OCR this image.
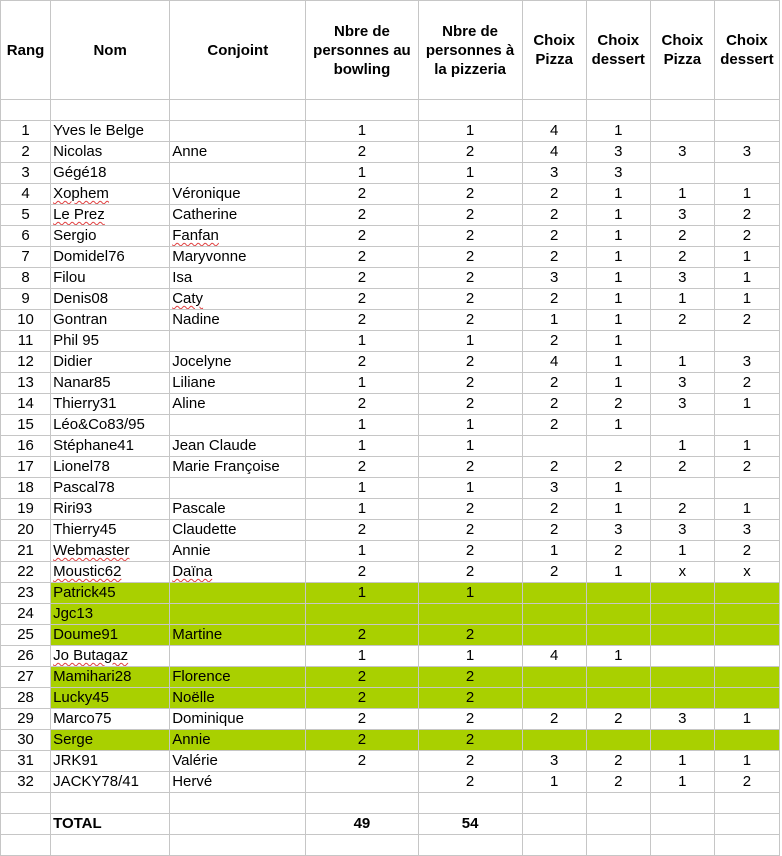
Rang	Nom	Conjoint	Nbre de personnes au bowling	Nbre de personnes à la pizzeria	Choix Pizza	Choix dessert	Choix Pizza	Choix dessert

1	Yves le Belge		1	1	4	1		
2	Nicolas	Anne	2	2	4	3	3	3
3	Gégé18		1	1	3	3		
4	Xophem	Véronique	2	2	2	1	1	1
5	Le Prez	Catherine	2	2	2	1	3	2
6	Sergio	Fanfan	2	2	2	1	2	2
7	Domidel76	Maryvonne	2	2	2	1	2	1
8	Filou	Isa	2	2	3	1	3	1
9	Denis08	Caty	2	2	2	1	1	1
10	Gontran	Nadine	2	2	1	1	2	2
11	Phil 95		1	1	2	1		
12	Didier	Jocelyne	2	2	4	1	1	3
13	Nanar85	Liliane	1	2	2	1	3	2
14	Thierry31	Aline	2	2	2	2	3	1
15	Léo&Co83/95		1	1	2	1		
16	Stéphane41	Jean Claude	1	1			1	1
17	Lionel78	Marie Françoise	2	2	2	2	2	2
18	Pascal78		1	1	3	1		
19	Riri93	Pascale	1	2	2	1	2	1
20	Thierry45	Claudette	2	2	2	3	3	3
21	Webmaster	Annie	1	2	1	2	1	2
22	Moustic62	Daïna	2	2	2	1	x	x
23	Patrick45		1	1				
24	Jgc13							
25	Doume91	Martine	2	2				
26	Jo Butagaz		1	1	4	1		
27	Mamihari28	Florence	2	2				
28	Lucky45	Noëlle	2	2				
29	Marco75	Dominique	2	2	2	2	3	1
30	Serge	Annie	2	2				
31	JRK91	Valérie	2	2	3	2	1	1
32	JACKY78/41	Hervé		2	1	2	1	2

	TOTAL		49	54				
